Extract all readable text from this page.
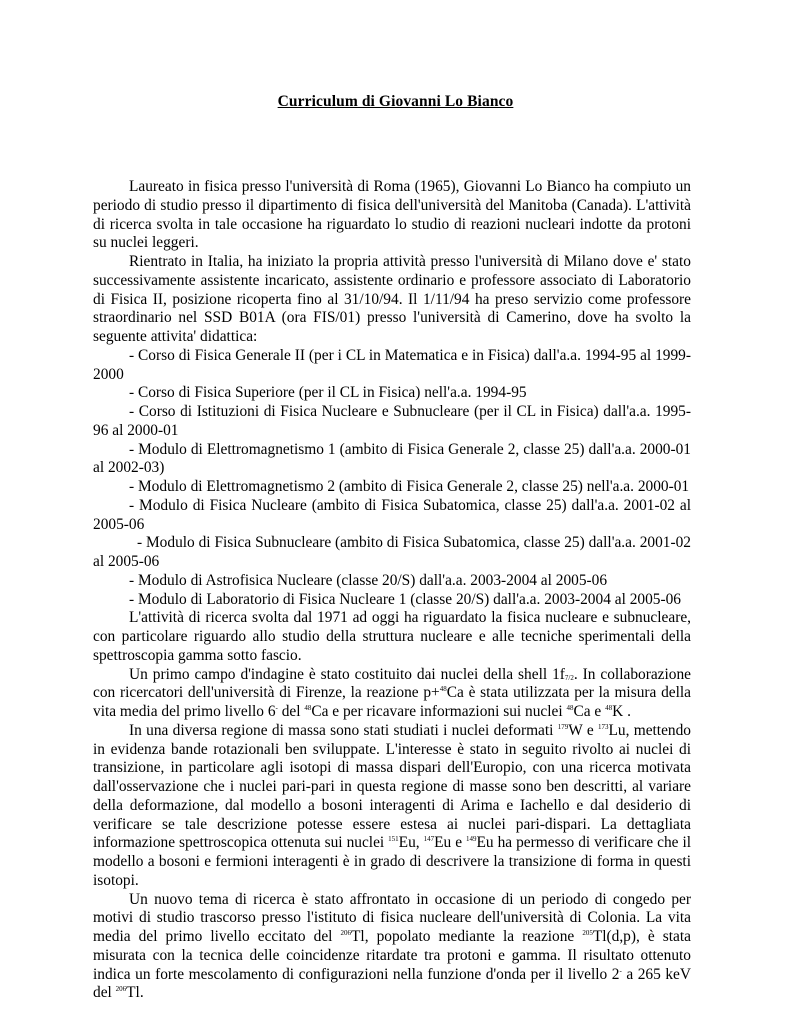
Curriculum di Giovanni Lo Bianco

Laureato in fisica presso l'università di Roma (1965), Giovanni Lo Bianco ha compiuto un periodo di studio presso il dipartimento di fisica dell'università del Manitoba (Canada). L'attività di ricerca svolta in tale occasione ha riguardato lo studio di reazioni nucleari indotte da protoni su nuclei leggeri.

Rientrato in Italia, ha iniziato la propria attività presso l'università di Milano dove e' stato successivamente assistente incaricato, assistente ordinario e professore associato di Laboratorio di Fisica II, posizione ricoperta fino al 31/10/94. Il 1/11/94 ha preso servizio come professore straordinario nel SSD B01A (ora FIS/01) presso l'università di Camerino, dove ha svolto la seguente attivita' didattica:

- Corso di Fisica Generale II (per i CL in Matematica e in Fisica) dall'a.a. 1994-95 al 1999-2000

- Corso di Fisica Superiore (per il CL in Fisica) nell'a.a. 1994-95

- Corso di Istituzioni di Fisica Nucleare e Subnucleare (per il CL in Fisica) dall'a.a. 1995-96 al 2000-01

- Modulo di Elettromagnetismo 1 (ambito di Fisica Generale 2, classe 25) dall'a.a. 2000-01 al 2002-03)

- Modulo di Elettromagnetismo 2 (ambito di Fisica Generale 2, classe 25) nell'a.a. 2000-01

- Modulo di Fisica Nucleare (ambito di Fisica Subatomica, classe 25) dall'a.a. 2001-02 al 2005-06

- Modulo di Fisica Subnucleare (ambito di Fisica Subatomica, classe 25) dall'a.a. 2001-02 al 2005-06

- Modulo di Astrofisica Nucleare (classe 20/S) dall'a.a. 2003-2004 al 2005-06

- Modulo di Laboratorio di Fisica Nucleare 1 (classe 20/S) dall'a.a. 2003-2004 al 2005-06

L'attività di ricerca svolta dal 1971 ad oggi ha riguardato la fisica nucleare e subnucleare, con particolare riguardo allo studio della struttura nucleare e alle tecniche sperimentali della spettroscopia gamma sotto fascio.

Un primo campo d'indagine è stato costituito dai nuclei della shell $1f_{7/2}$. In collaborazione con ricercatori dell'università di Firenze, la reazione p+$^{48}$Ca è stata utilizzata per la misura della vita media del primo livello 6- del $^{48}$Ca e per ricavare informazioni sui nuclei $^{48}$Ca e $^{48}$K .

In una diversa regione di massa sono stati studiati i nuclei deformati $^{179}$W e $^{173}$Lu, mettendo in evidenza bande rotazionali ben sviluppate. L'interesse è stato in seguito rivolto ai nuclei di transizione, in particolare agli isotopi di massa dispari dell'Europio, con una ricerca motivata dall'osservazione che i nuclei pari-pari in questa regione di masse sono ben descritti, al variare della deformazione, dal modello a bosoni interagenti di Arima e Iachello e dal desiderio di verificare se tale descrizione potesse essere estesa ai nuclei pari-dispari. La dettagliata informazione spettroscopica ottenuta sui nuclei $^{151}$Eu, $^{147}$Eu e $^{149}$Eu ha permesso di verificare che il modello a bosoni e fermioni interagenti è in grado di descrivere la transizione di forma in questi isotopi.

Un nuovo tema di ricerca è stato affrontato in occasione di un periodo di congedo per motivi di studio trascorso presso l'istituto di fisica nucleare dell'università di Colonia. La vita media del primo livello eccitato del $^{206}$Tl, popolato mediante la reazione $^{205}$Tl(d,p), è stata misurata con la tecnica delle coincidenze ritardate tra protoni e gamma. Il risultato ottenuto indica un forte mescolamento di configurazioni nella funzione d'onda per il livello 2- a 265 keV del $^{206}$Tl.
